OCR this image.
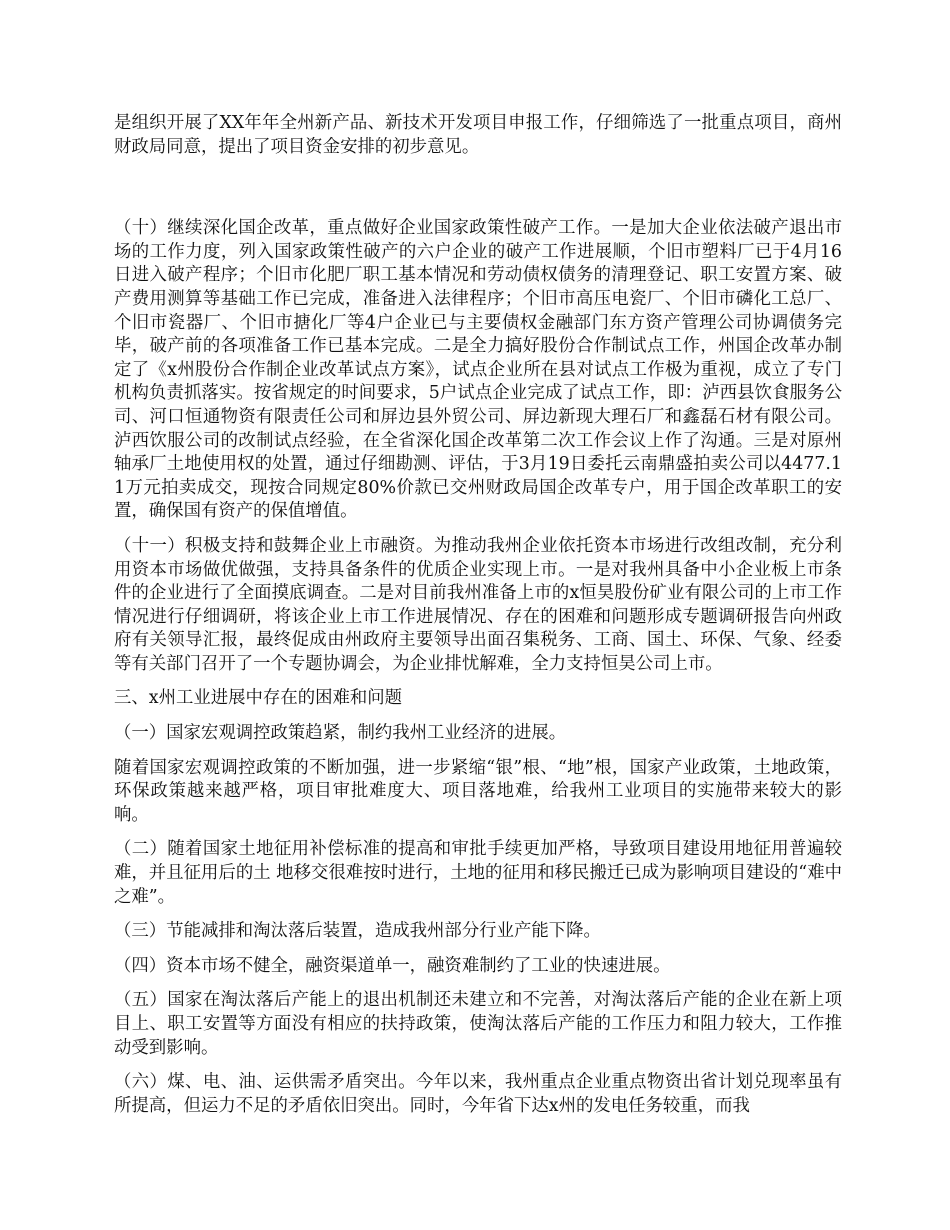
是组织开展了XX年年全州新产品、新技术开发项目申报工作，仔细筛选了一批重点项目，商州财政局同意，提出了项目资金安排的初步意见。

（十）继续深化国企改革，重点做好企业国家政策性破产工作。一是加大企业依法破产退出市场的工作力度，列入国家政策性破产的六户企业的破产工作进展顺，个旧市塑料厂已于4月16日进入破产程序；个旧市化肥厂职工基本情况和劳动债权债务的清理登记、职工安置方案、破产费用测算等基础工作已完成，准备进入法律程序；个旧市高压电瓷厂、个旧市磷化工总厂、个旧市瓷器厂、个旧市搪化厂等4户企业已与主要债权金融部门东方资产管理公司协调债务完毕，破产前的各项准备工作已基本完成。二是全力搞好股份合作制试点工作，州国企改革办制定了《x州股份合作制企业改革试点方案》，试点企业所在县对试点工作极为重视，成立了专门机构负责抓落实。按省规定的时间要求，5户试点企业完成了试点工作，即：泸西县饮食服务公司、河口恒通物资有限责任公司和屏边县外贸公司、屏边新现大理石厂和鑫磊石材有限公司。泸西饮服公司的改制试点经验，在全省深化国企改革第二次工作会议上作了沟通。三是对原州轴承厂土地使用权的处置，通过仔细勘测、评估，于3月19日委托云南鼎盛拍卖公司以4477.11万元拍卖成交，现按合同规定80%价款已交州财政局国企改革专户，用于国企改革职工的安置，确保国有资产的保值增值。

（十一）积极支持和鼓舞企业上市融资。为推动我州企业依托资本市场进行改组改制，充分利用资本市场做优做强，支持具备条件的优质企业实现上市。一是对我州具备中小企业板上市条件的企业进行了全面摸底调查。二是对目前我州准备上市的x恒昊股份矿业有限公司的上市工作情况进行仔细调研，将该企业上市工作进展情况、存在的困难和问题形成专题调研报告向州政府有关领导汇报，最终促成由州政府主要领导出面召集税务、工商、国土、环保、气象、经委等有关部门召开了一个专题协调会，为企业排忧解难，全力支持恒昊公司上市。

三、x州工业进展中存在的困难和问题

（一）国家宏观调控政策趋紧，制约我州工业经济的进展。

随着国家宏观调控政策的不断加强，进一步紧缩“银”根、“地”根，国家产业政策，土地政策，环保政策越来越严格，项目审批难度大、项目落地难，给我州工业项目的实施带来较大的影响。

（二）随着国家土地征用补偿标准的提高和审批手续更加严格，导致项目建设用地征用普遍较难，并且征用后的土 地移交很难按时进行，土地的征用和移民搬迁已成为影响项目建设的“难中之难”。

（三）节能减排和淘汰落后装置，造成我州部分行业产能下降。

（四）资本市场不健全，融资渠道单一，融资难制约了工业的快速进展。

（五）国家在淘汰落后产能上的退出机制还未建立和不完善，对淘汰落后产能的企业在新上项目上、职工安置等方面没有相应的扶持政策，使淘汰落后产能的工作压力和阻力较大，工作推动受到影响。

（六）煤、电、油、运供需矛盾突出。今年以来，我州重点企业重点物资出省计划兑现率虽有所提高，但运力不足的矛盾依旧突出。同时，今年省下达x州的发电任务较重，而我
